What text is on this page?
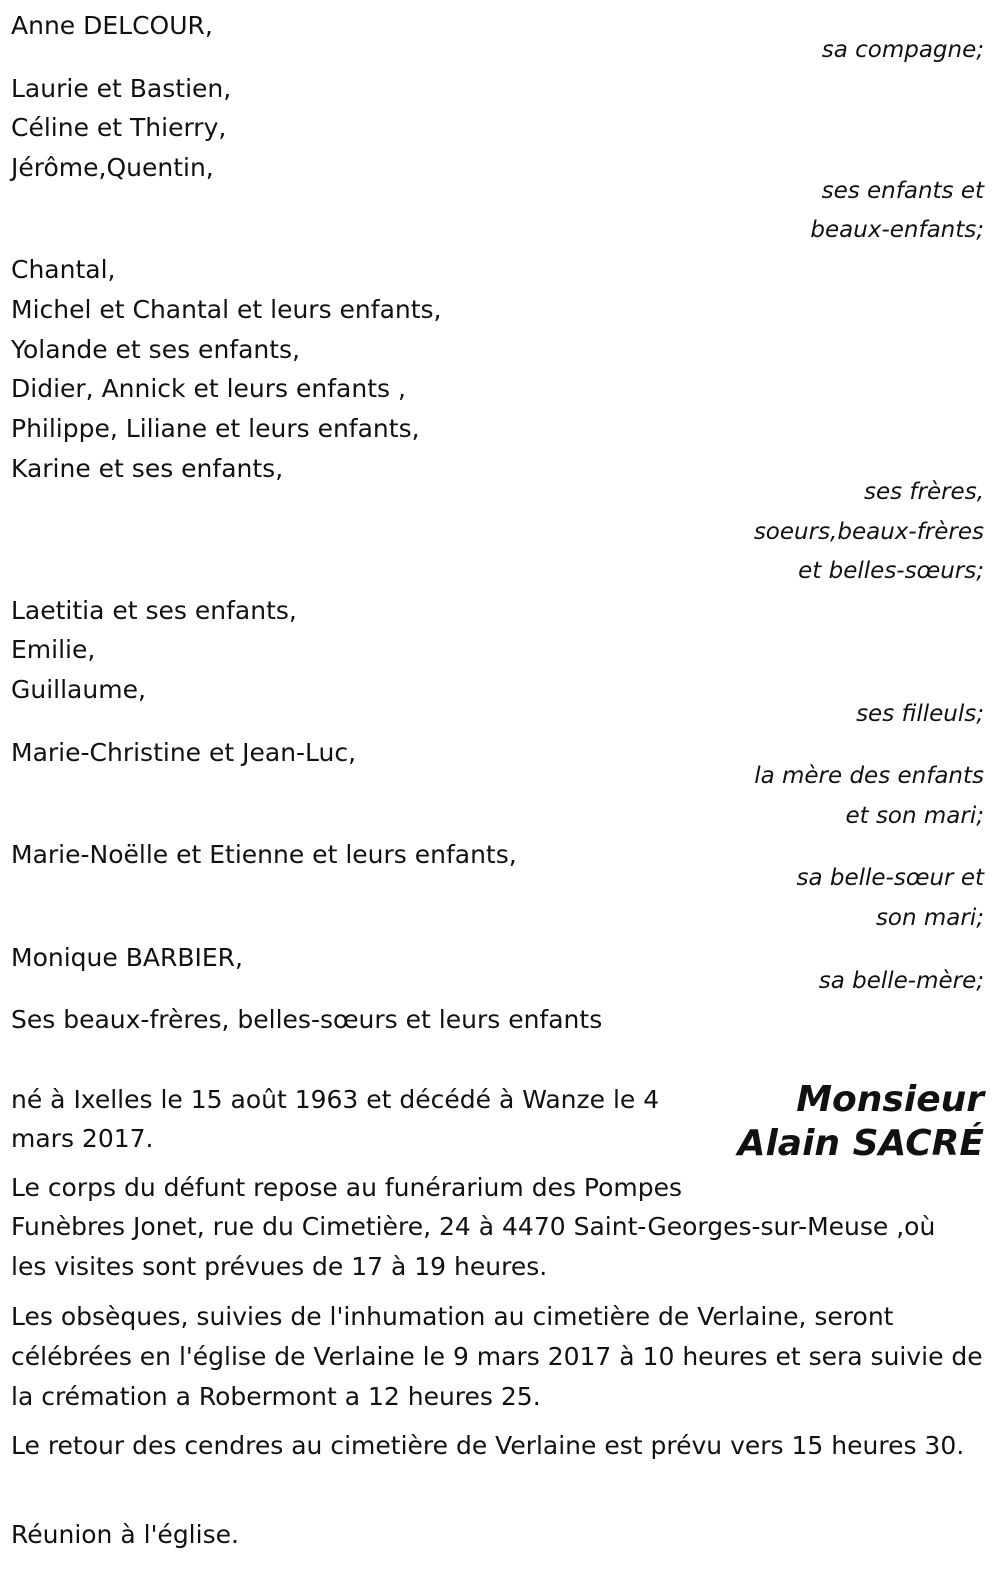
Anne DELCOUR,
sa compagne;
Laurie et Bastien,
Céline et Thierry,
Jérôme,Quentin,
ses enfants et
beaux-enfants;
Chantal,
Michel et Chantal et leurs enfants,
Yolande et ses enfants,
Didier, Annick et leurs enfants ,
Philippe, Liliane et leurs enfants,
Karine et ses enfants,
ses frères,
soeurs,beaux-frères
et belles-sœurs;
Laetitia et ses enfants,
Emilie,
Guillaume,
ses filleuls;
Marie-Christine et Jean-Luc,
la mère des enfants
et son mari;
Marie-Noëlle et Etienne et leurs enfants,
sa belle-sœur et
son mari;
Monique BARBIER,
sa belle-mère;
Ses beaux-frères, belles-sœurs et leurs enfants
Monsieur
Alain SACRÉ
né à Ixelles le 15 août 1963 et décédé à Wanze le 4
mars 2017.
Le corps du défunt repose au funérarium des Pompes
Funèbres Jonet, rue du Cimetière, 24 à 4470 Saint-Georges-sur-Meuse ,où
les visites sont prévues de 17 à 19 heures.
Les obsèques, suivies de l'inhumation au cimetière de Verlaine, seront célébrées en l'église de Verlaine le 9 mars 2017 à 10 heures et sera suivie de la crémation a Robermont a 12 heures 25.
Le retour des cendres au cimetière de Verlaine est prévu vers 15 heures 30.
Réunion à l'église.
